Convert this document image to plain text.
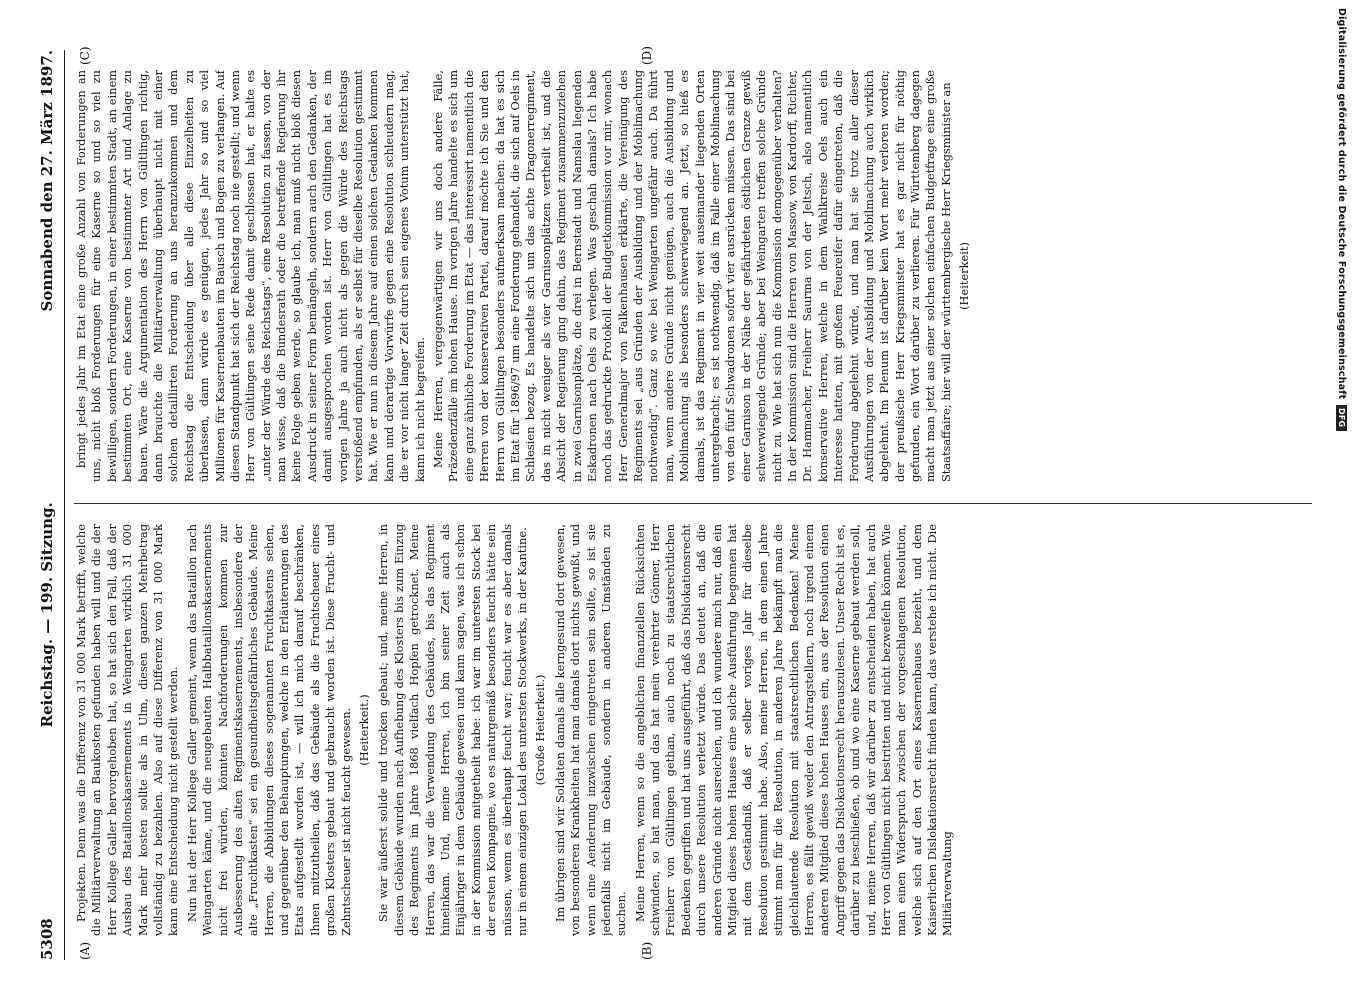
5308
Reichstag. — 199. Sitzung.
Sonnabend den 27. März 1897.
(A)	(B)
(C)	(D)

Projekten. Denn was die Differenz von 31 000 Mark betrifft, welche die Militärverwaltung an Baukosten gefunden haben will und die der Herr Kollege Galler hervorgehoben hat, so hat sich den Fall, daß der Ausbau des Bataillonskasernements in Weingarten wirklich 31 000 Mark mehr kosten sollte als in Ulm, diesen ganzen Mehrbetrag vollständig zu bezahlen. Also auf diese Differenz von 31 000 Mark kann eine Entscheidung nicht gestellt werden. Nun hat der Herr Kollege Galler gemeint, wenn das Bataillon nach Weingarten käme, und die neugebauten Halbbataillonskasernements nicht frei würden, könnten Nachforderungen kommen zur Ausbesserung des alten Regimentskasernements, insbesondere der alte „Fruchtkasten“ sei ein gesundheitsgefährliches Gebäude. Meine Herren, die Abbildungen dieses sogenannten Fruchtkastens sehen, und gegenüber den Behauptungen, welche in den Erläuterungen des Etats aufgestellt worden ist, — will ich mich darauf beschränken, Ihnen mitzutheilen, daß das Gebäude als die Fruchtscheuer eines großen Klosters gebaut und gebraucht worden ist. Diese Frucht- und Zehntscheuer ist nicht feucht gewesen. (Heiterkeit.) Sie war äußerst solide und trocken gebaut; und, meine Herren, in diesem Gebäude wurden nach Aufhebung des Klosters bis zum Einzug des Regiments im Jahre 1868 vielfach Hopfen getrocknet. Meine Herren, das war die Verwendung des Gebäudes, bis das Regiment hineinkam. Und, meine Herren, ich bin seiner Zeit auch als Einjähriger in dem Gebäude gewesen und kann sagen, was ich schon in der Kommission mitgetheilt habe: ich war im untersten Stock bei der ersten Kompagnie, wo es naturgemäß besonders feucht hätte sein müssen, wenn es überhaupt feucht war; feucht war es aber damals nur in einem einzigen Lokal des untersten Stockwerks, in der Kantine. (Große Heiterkeit.) Im übrigen sind wir Soldaten damals alle kerngesund dort gewesen, von besonderen Krankheiten hat man damals dort nichts gewußt, und wenn eine Aenderung inzwischen eingetreten sein sollte, so ist sie jedenfalls nicht im Gebäude, sondern in anderen Umständen zu suchen. Meine Herren, wenn so die angeblichen finanziellen Rücksichten schwinden, so hat man, und das hat mein verehrter Gönner, Herr Freiherr von Gültlingen gethan, auch noch zu staatsrechtlichen Bedenken gegriffen und hat uns ausgeführt, daß das Dislokationsrecht durch unsere Resolution verletzt würde. Das deutet an, daß die anderen Gründe nicht ausreichen, und ich wundere mich nur, daß ein Mitglied dieses hohen Hauses eine solche Ausführung begonnen hat mit dem Geständniß, daß er selber voriges Jahr für dieselbe Resolution gestimmt habe. Also, meine Herren, in dem einen Jahre stimmt man für die Resolution, in anderen Jahre bekämpft man die gleichlautende Resolution mit staatsrechtlichen Bedenken! Meine Herren, es fällt gewiß weder den Antragstellern, noch irgend einem anderen Mitglied dieses hohen Hauses ein, aus der Resolution einen Angriff gegen das Dislokationsrecht herauszulesen. Unser Recht ist es, darüber zu beschließen, ob und wo eine Kaserne gebaut werden soll, und, meine Herren, daß wir darüber zu entscheiden haben, hat auch Herr von Gültlingen nicht bestritten und nicht bezweifeln können. Wie man einen Widerspruch zwischen der vorgeschlagenen Resolution, welche sich auf den Ort eines Kasernenbaues bezieht, und dem Kaiserlichen Dislokationsrecht finden kann, das verstehe ich nicht. Die Militärverwaltung

bringt jedes Jahr im Etat eine große Anzahl von Forderungen an uns, nicht bloß Forderungen für eine Kaserne so und so viel zu bewilligen, sondern Forderungen, in einer bestimmten Stadt, an einem bestimmten Ort, eine Kaserne von bestimmter Art und Anlage zu bauen. Wäre die Argumentation des Herrn von Gültlingen richtig, dann brauchte die Militärverwaltung überhaupt nicht mit einer solchen detaillirten Forderung an uns heranzukommen und dem Reichstag die Entscheidung über alle diese Einzelheiten zu überlassen, dann würde es genügen, jedes Jahr so und so viel Millionen für Kasernenbauten im Bausch und Bogen zu verlangen. Auf diesen Standpunkt hat sich der Reichstag noch nie gestellt; und wenn Herr von Gültlingen seine Rede damit geschlossen hat, er halte es „unter der Würde des Reichstags“, eine Resolution zu fassen, von der man wisse, daß die Bundesrath oder die betreffende Regierung ihr keine Folge geben werde, so glaube ich, man muß nicht bloß diesen Ausdruck in seiner Form bemängeln, sondern auch den Gedanken, der damit ausgesprochen worden ist. Herr von Gültlingen hat es im vorigen Jahre ja auch nicht als gegen die Würde des Reichstags verstoßend empfunden, als er selbst für dieselbe Resolution gestimmt hat. Wie er nun in diesem Jahre auf einen solchen Gedanken kommen kann und derartige Vorwürfe gegen eine Resolution schleudern mag, die er vor nicht langer Zeit durch sein eigenes Votum unterstützt hat, kann ich nicht begreifen. Meine Herren, vergegenwärtigen wir uns doch andere Fälle, Präzedenzfälle im hohen Hause. Im vorigen Jahre handelte es sich um eine ganz ähnliche Forderung im Etat — das interessirt namentlich die Herren von der konservativen Partei, darauf möchte ich Sie und den Herrn von Gültlingen besonders aufmerksam machen: da hat es sich im Etat für 1896/97 um eine Forderung gehandelt, die sich auf Oels in Schlesien bezog. Es handelte sich um das achte Dragonerregiment, das in nicht weniger als vier Garnisonplätzen vertheilt ist, und die Absicht der Regierung ging dahin, das Regiment zusammenzuziehen in zwei Garnisonplätze, die drei in Bernstadt und Namslau liegenden Eskadronen nach Oels zu verlegen. Was geschah damals? Ich habe noch das gedruckte Protokoll der Budgetkommission vor mir, wonach Herr Generalmajor von Falkenhausen erklärte, die Vereinigung des Regiments sei „aus Gründen der Ausbildung und der Mobilmachung nothwendig“. Ganz so wie bei Weingarten ungefähr auch. Da führt man, wenn andere Gründe nicht genügen, auch die Ausbildung und Mobilmachung als besonders schwerwiegend an. Jetzt, so hieß es damals, ist das Regiment in vier weit auseinander liegenden Orten untergebracht; es ist nothwendig, daß im Falle einer Mobilmachung von den fünf Schwadronen sofort vier ausrücken müssen. Das sind bei einer Garnison in der Nähe der gefährdeten östlichen Grenze gewiß schwerwiegende Gründe; aber bei Weingarten treffen solche Gründe nicht zu. Wie hat sich nun die Kommission demgegenüber verhalten? In der Kommission sind die Herren von Massow, von Kardorff, Richter, Dr. Hammacher, Freiherr Saurma von der Jeltsch, also namentlich konservative Herren, welche in dem Wahlkreise Oels auch ein Interesse hatten, mit großem Feuereifer dafür eingetreten, daß die Forderung abgelehnt würde, und man hat sie trotz aller dieser Ausführungen von der Ausbildung und Mobilmachung auch wirklich abgelehnt. Im Plenum ist darüber kein Wort mehr verloren worden; der preußische Herr Kriegsminister hat es gar nicht für nöthig gefunden, ein Wort darüber zu verlieren. Für Württemberg dagegen macht man jetzt aus einer solchen einfachen Budgetfrage eine große Staatsaffaire; hier will der württembergische Herr Kriegsminister an (Heiterkeit)	Digitalisierung gefördert durch die Deutsche Forschungsgemeinschaft
DFG
